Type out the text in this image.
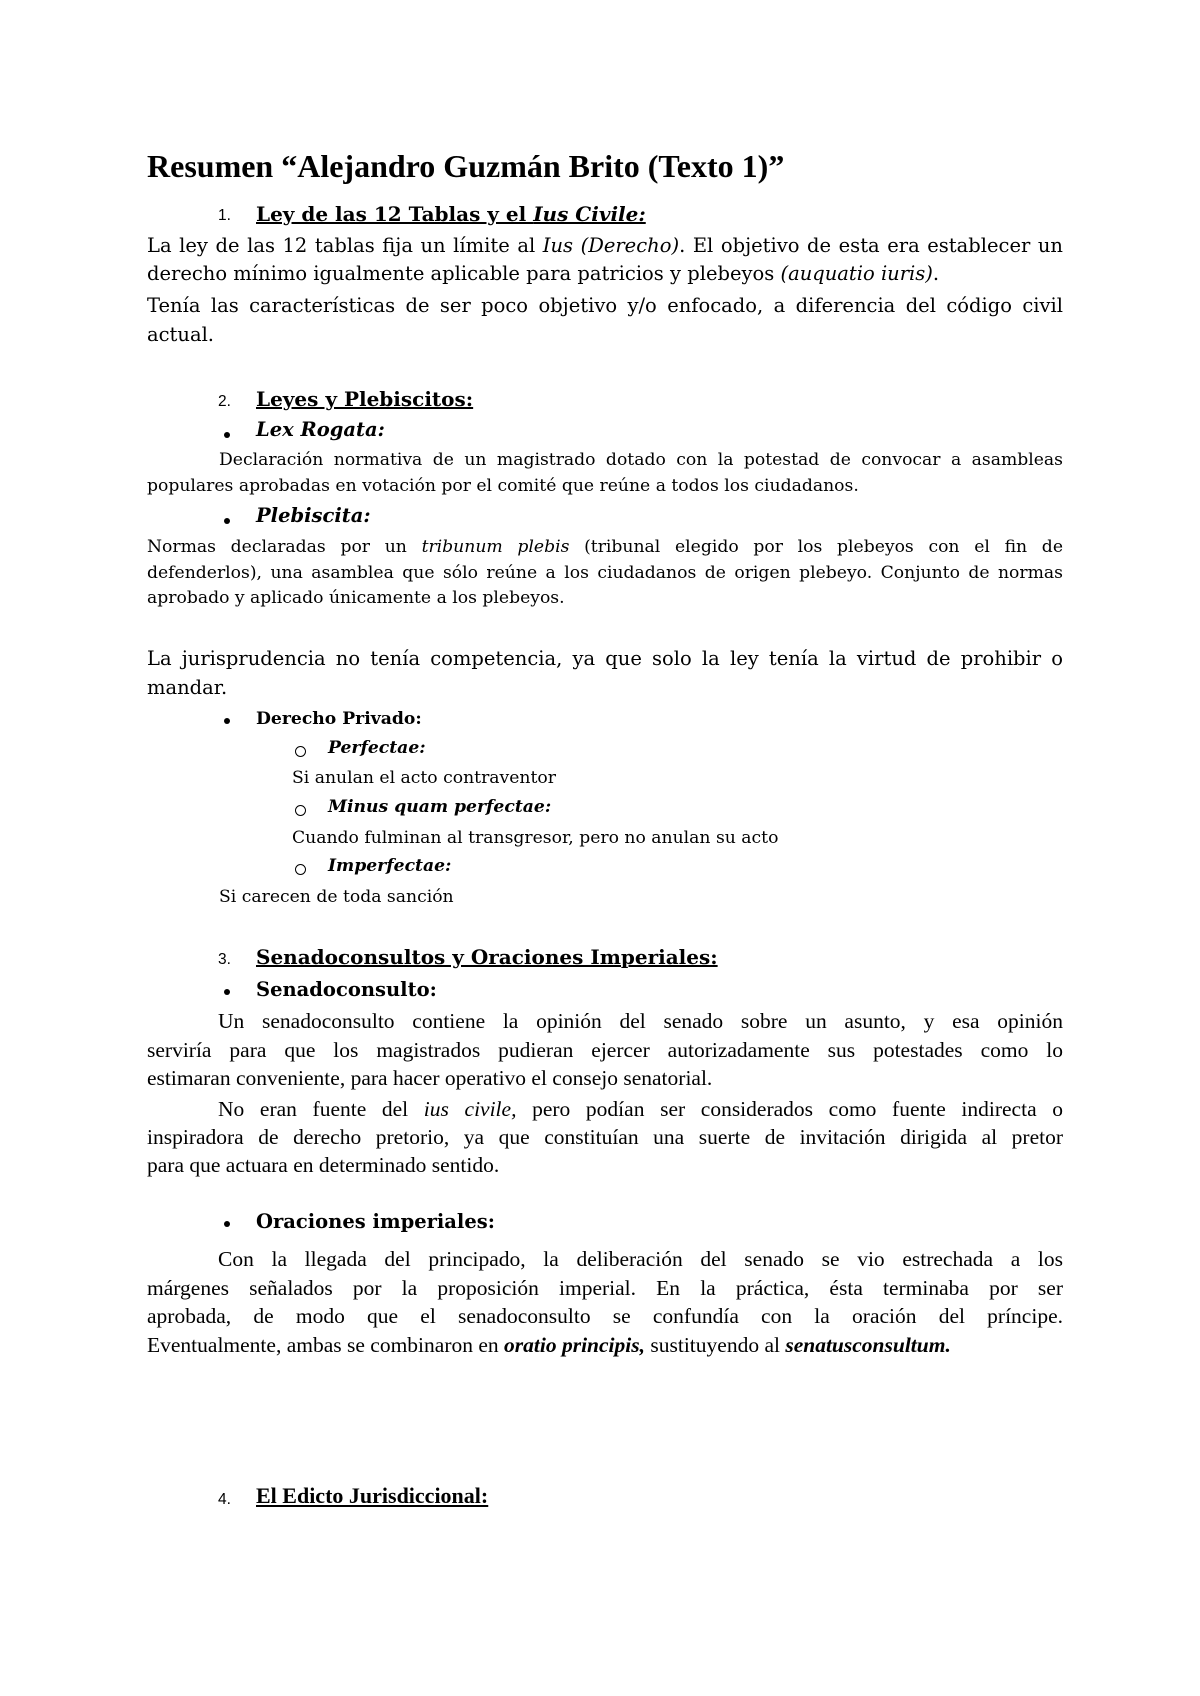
Resumen “Alejandro Guzmán Brito (Texto 1)”
1. Ley de las 12 Tablas y el Ius Civile:
La ley de las 12 tablas fija un límite al Ius (Derecho). El objetivo de esta era establecer un
derecho mínimo igualmente aplicable para patricios y plebeyos (auquatio iuris).
Tenía las características de ser poco objetivo y/o enfocado, a diferencia del código civil
actual.
2. Leyes y Plebiscitos:
Lex Rogata:
Declaración normativa de un magistrado dotado con la potestad de convocar a asambleas
populares aprobadas en votación por el comité que reúne a todos los ciudadanos.
Plebiscita:
Normas declaradas por un tribunum plebis (tribunal elegido por los plebeyos con el fin de
defenderlos), una asamblea que sólo reúne a los ciudadanos de origen plebeyo. Conjunto de normas
aprobado y aplicado únicamente a los plebeyos.
La jurisprudencia no tenía competencia, ya que solo la ley tenía la virtud de prohibir o
mandar.
Derecho Privado:
Perfectae:
Si anulan el acto contraventor
Minus quam perfectae:
Cuando fulminan al transgresor, pero no anulan su acto
Imperfectae:
Si carecen de toda sanción
3. Senadoconsultos y Oraciones Imperiales:
Senadoconsulto:
Un senadoconsulto contiene la opinión del senado sobre un asunto, y esa opinión
serviría para que los magistrados pudieran ejercer autorizadamente sus potestades como lo
estimaran conveniente, para hacer operativo el consejo senatorial.
No eran fuente del ius civile, pero podían ser considerados como fuente indirecta o
inspiradora de derecho pretorio, ya que constituían una suerte de invitación dirigida al pretor
para que actuara en determinado sentido.
Oraciones imperiales:
Con la llegada del principado, la deliberación del senado se vio estrechada a los
márgenes señalados por la proposición imperial. En la práctica, ésta terminaba por ser
aprobada, de modo que el senadoconsulto se confundía con la oración del príncipe.
Eventualmente, ambas se combinaron en oratio principis, sustituyendo al senatusconsultum.
4. El Edicto Jurisdiccional:
